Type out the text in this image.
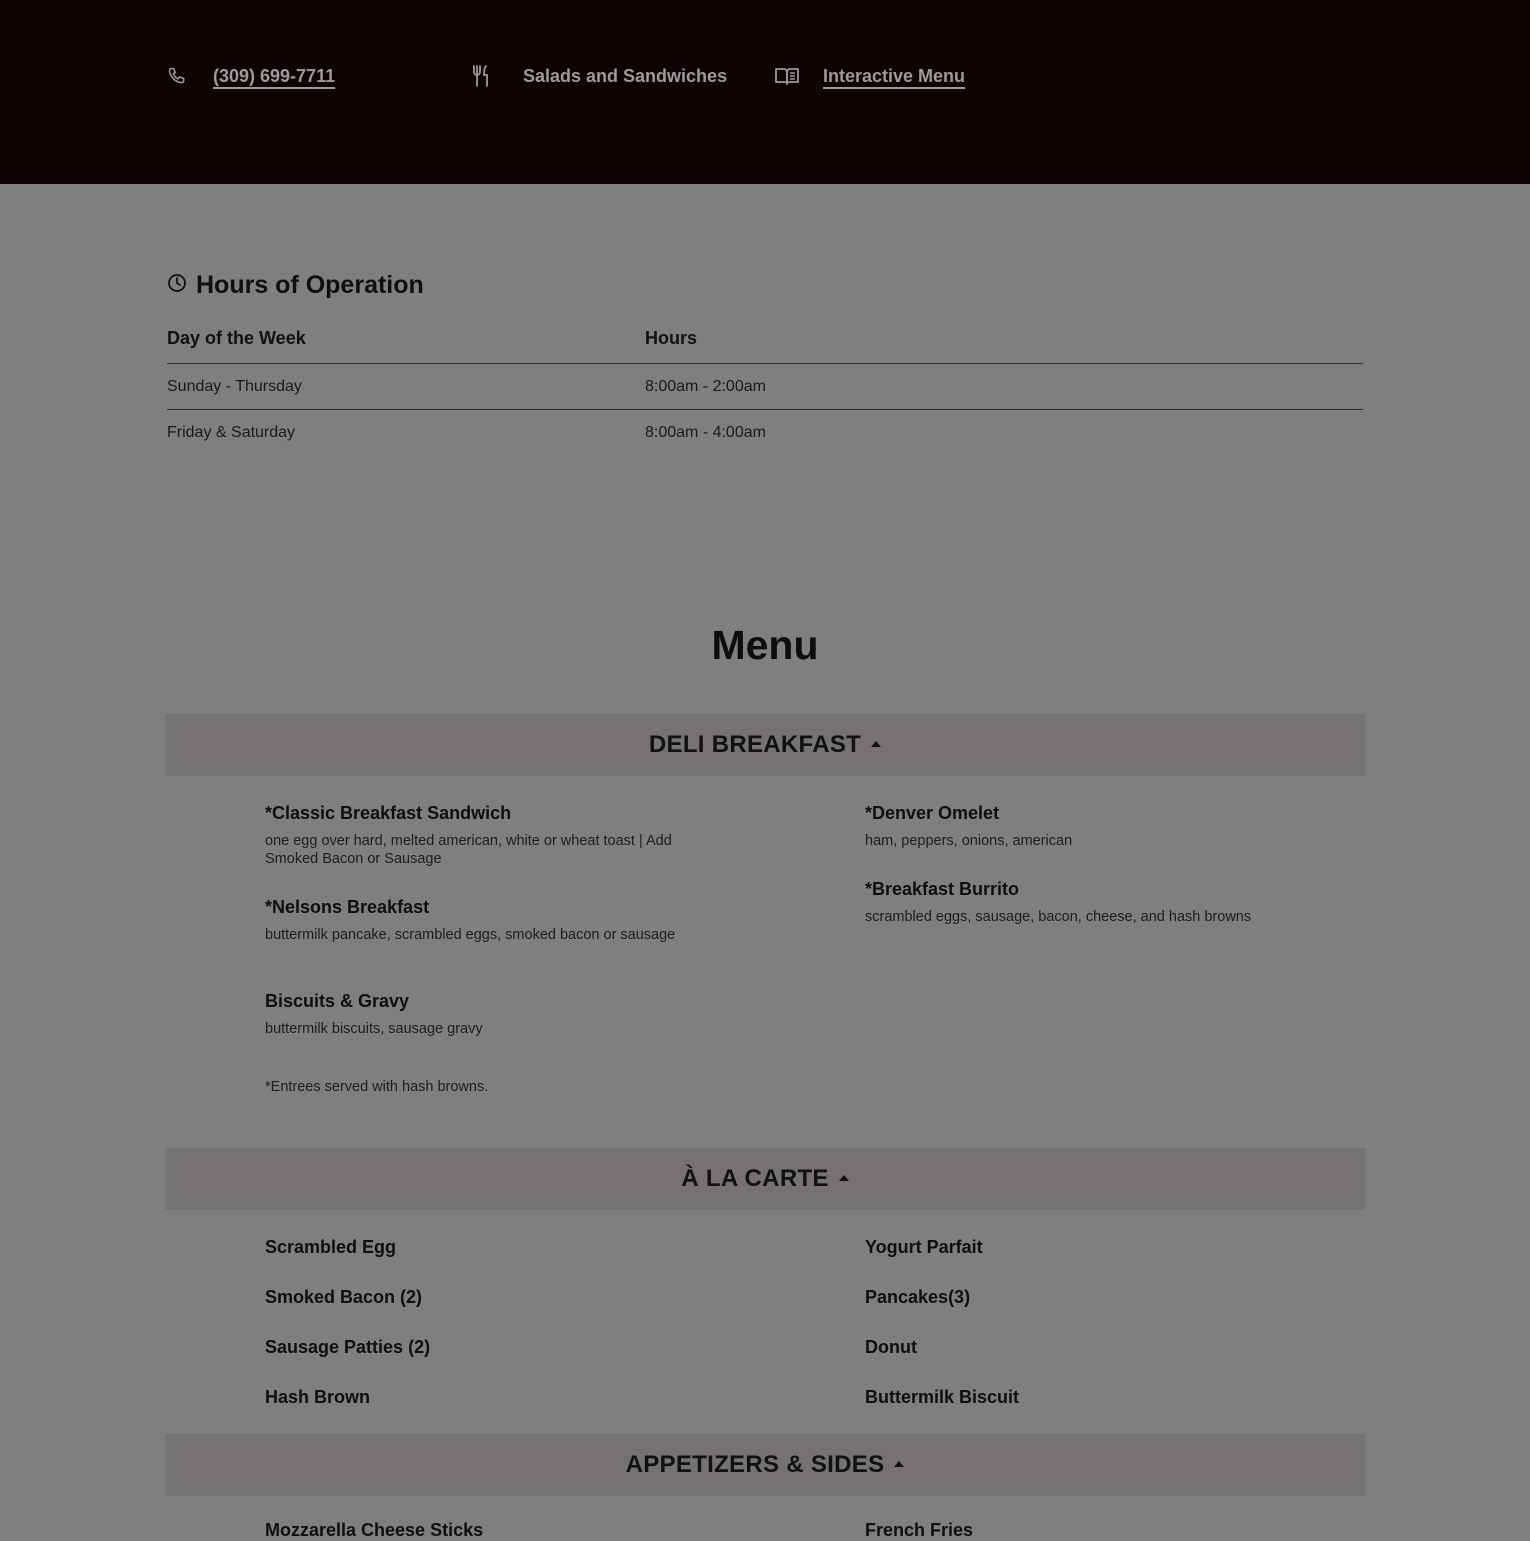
(309) 699-7711	Salads and Sandwiches	Interactive Menu
Hours of Operation
Day of the Week	Hours
Sunday - Thursday	8:00am - 2:00am
Friday & Saturday	8:00am - 4:00am
Menu
DELI BREAKFAST
*Classic Breakfast Sandwich
one egg over hard, melted american, white or wheat toast | Add Smoked Bacon or Sausage
*Nelsons Breakfast
buttermilk pancake, scrambled eggs, smoked bacon or sausage
Biscuits & Gravy
buttermilk biscuits, sausage gravy
*Denver Omelet
ham, peppers, onions, american
*Breakfast Burrito
scrambled eggs, sausage, bacon, cheese, and hash browns
*Entrees served with hash browns.
À LA CARTE
Scrambled Egg
Smoked Bacon (2)
Sausage Patties (2)
Hash Brown
Yogurt Parfait
Pancakes(3)
Donut
Buttermilk Biscuit
APPETIZERS & SIDES
Mozzarella Cheese Sticks	French Fries
